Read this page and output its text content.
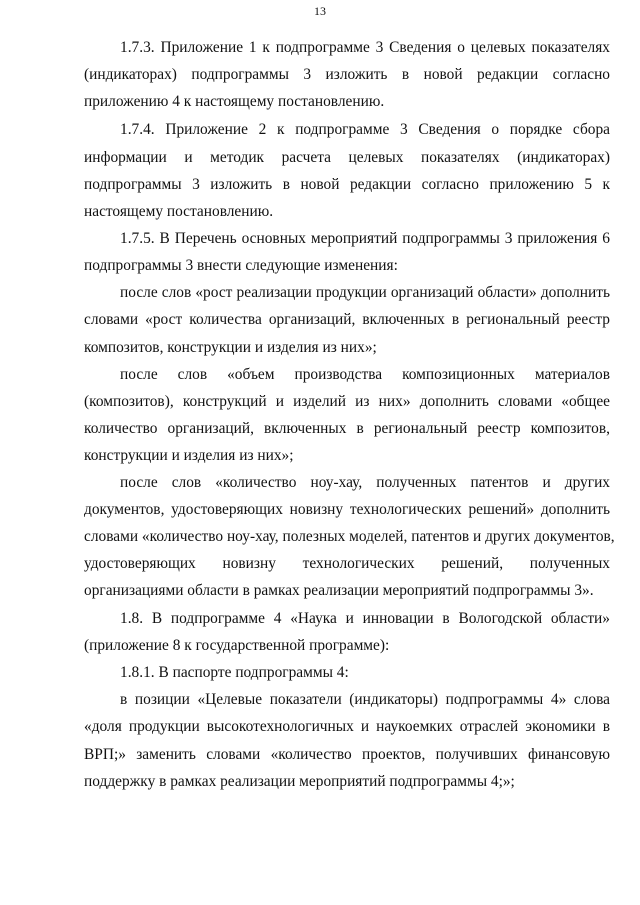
13
1.7.3. Приложение 1 к подпрограмме 3 Сведения о целевых показателях
(индикаторах) подпрограммы 3 изложить в новой редакции согласно
приложению 4 к настоящему постановлению.
1.7.4. Приложение 2 к подпрограмме 3 Сведения о порядке сбора
информации и методик расчета целевых показателях (индикаторах)
подпрограммы 3 изложить в новой редакции согласно приложению 5 к
настоящему постановлению.
1.7.5. В Перечень основных мероприятий подпрограммы 3 приложения 6
подпрограммы 3 внести следующие изменения:
после слов «рост реализации продукции организаций области» дополнить
словами «рост количества организаций, включенных в региональный реестр
композитов, конструкции и изделия из них»;
после слов «объем производства композиционных материалов
(композитов), конструкций и изделий из них» дополнить словами «общее
количество организаций, включенных в региональный реестр композитов,
конструкции и изделия из них»;
после слов «количество ноу-хау, полученных патентов и других
документов, удостоверяющих новизну технологических решений» дополнить
словами «количество ноу-хау, полезных моделей, патентов и других документов,
удостоверяющих новизну технологических решений, полученных
организациями области в рамках реализации мероприятий подпрограммы 3».
1.8. В подпрограмме 4 «Наука и инновации в Вологодской области»
(приложение 8 к государственной программе):
1.8.1. В паспорте подпрограммы 4:
в позиции «Целевые показатели (индикаторы) подпрограммы 4» слова
«доля продукции высокотехнологичных и наукоемких отраслей экономики в
ВРП;» заменить словами «количество проектов, получивших финансовую
поддержку в рамках реализации мероприятий подпрограммы 4;»;
